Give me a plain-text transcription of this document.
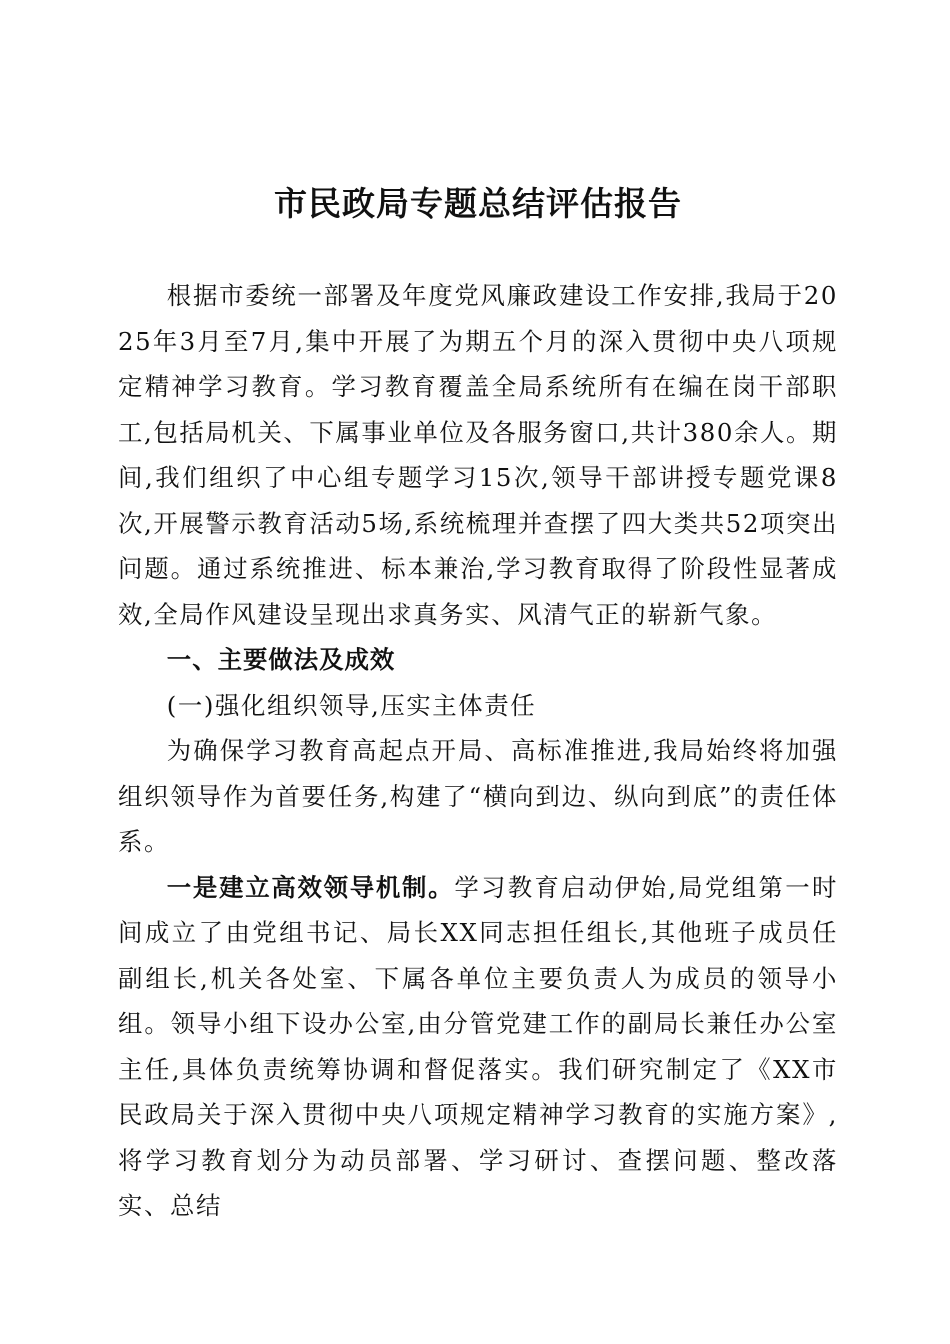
市民政局专题总结评估报告

根据市委统一部署及年度党风廉政建设工作安排,我局于2025年3月至7月,集中开展了为期五个月的深入贯彻中央八项规定精神学习教育。学习教育覆盖全局系统所有在编在岗干部职工,包括局机关、下属事业单位及各服务窗口,共计380余人。期间,我们组织了中心组专题学习15次,领导干部讲授专题党课8次,开展警示教育活动5场,系统梳理并查摆了四大类共52项突出问题。通过系统推进、标本兼治,学习教育取得了阶段性显著成效,全局作风建设呈现出求真务实、风清气正的崭新气象。

一、主要做法及成效

(一)强化组织领导,压实主体责任

为确保学习教育高起点开局、高标准推进,我局始终将加强组织领导作为首要任务,构建了“横向到边、纵向到底”的责任体系。

一是建立高效领导机制。学习教育启动伊始,局党组第一时间成立了由党组书记、局长XX同志担任组长,其他班子成员任副组长,机关各处室、下属各单位主要负责人为成员的领导小组。领导小组下设办公室,由分管党建工作的副局长兼任办公室主任,具体负责统筹协调和督促落实。我们研究制定了《XX市民政局关于深入贯彻中央八项规定精神学习教育的实施方案》,将学习教育划分为动员部署、学习研讨、查摆问题、整改落实、总结
